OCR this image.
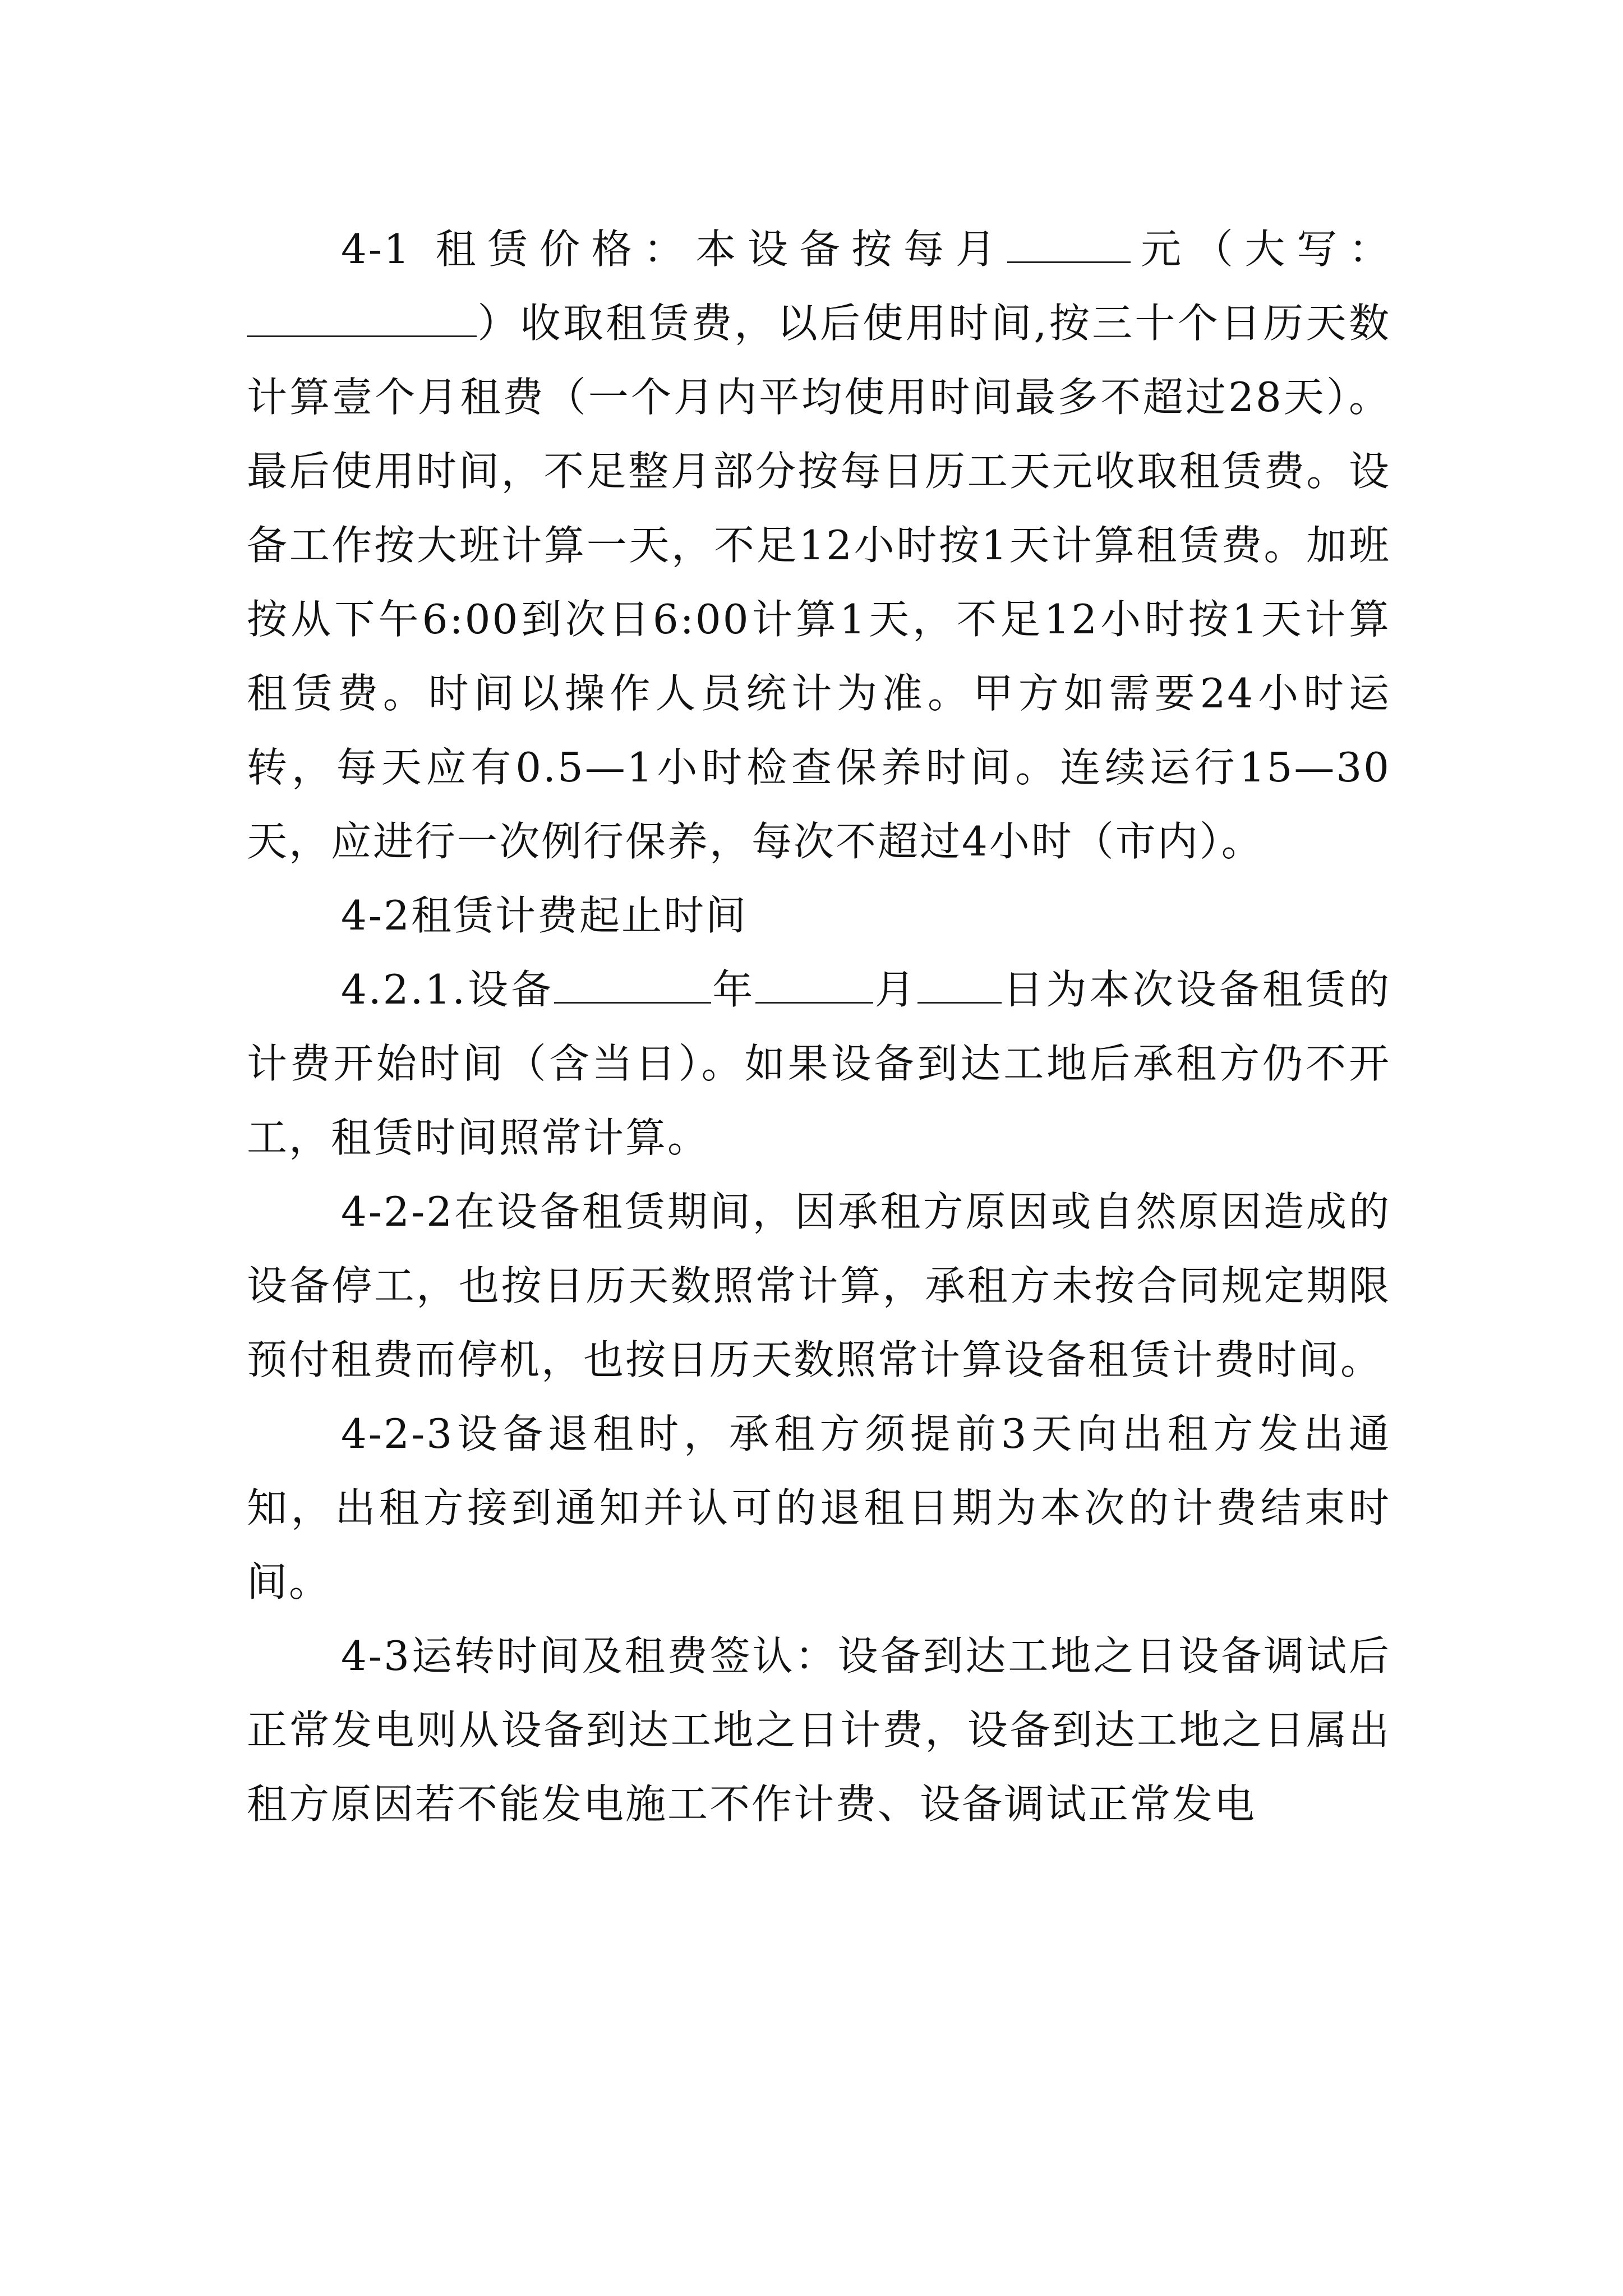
4-1 租赁价格：本设备按每月	元（大写：）收取租赁费，以后使用时间,按三十个日历天数计算壹个月租费（一个月内平均使用时间最多不超过28天）。最后使用时间，不足整月部分按每日历工天元收取租赁费。设备工作按大班计算一天，不足12小时按1天计算租赁费。加班按从下午6:00到次日6:00计算1天，不足12小时按1天计算租赁费。时间以操作人员统计为准。甲方如需要24小时运转，每天应有0.5—1小时检查保养时间。连续运行15—30天，应进行一次例行保养，每次不超过4小时（市内）。

4-2租赁计费起止时间

4.2.1.设备	年	月 日为本次设备租赁的计费开始时间（含当日）。如果设备到达工地后承租方仍不开工，租赁时间照常计算。

4-2-2在设备租赁期间，因承租方原因或自然原因造成的设备停工，也按日历天数照常计算，承租方未按合同规定期限预付租费而停机，也按日历天数照常计算设备租赁计费时间。

4-2-3设备退租时，承租方须提前3天向出租方发出通知，出租方接到通知并认可的退租日期为本次的计费结束时间。

4-3运转时间及租费签认：设备到达工地之日设备调试后正常发电则从设备到达工地之日计费，设备到达工地之日属出租方原因若不能发电施工不作计费、设备调试正常发电
